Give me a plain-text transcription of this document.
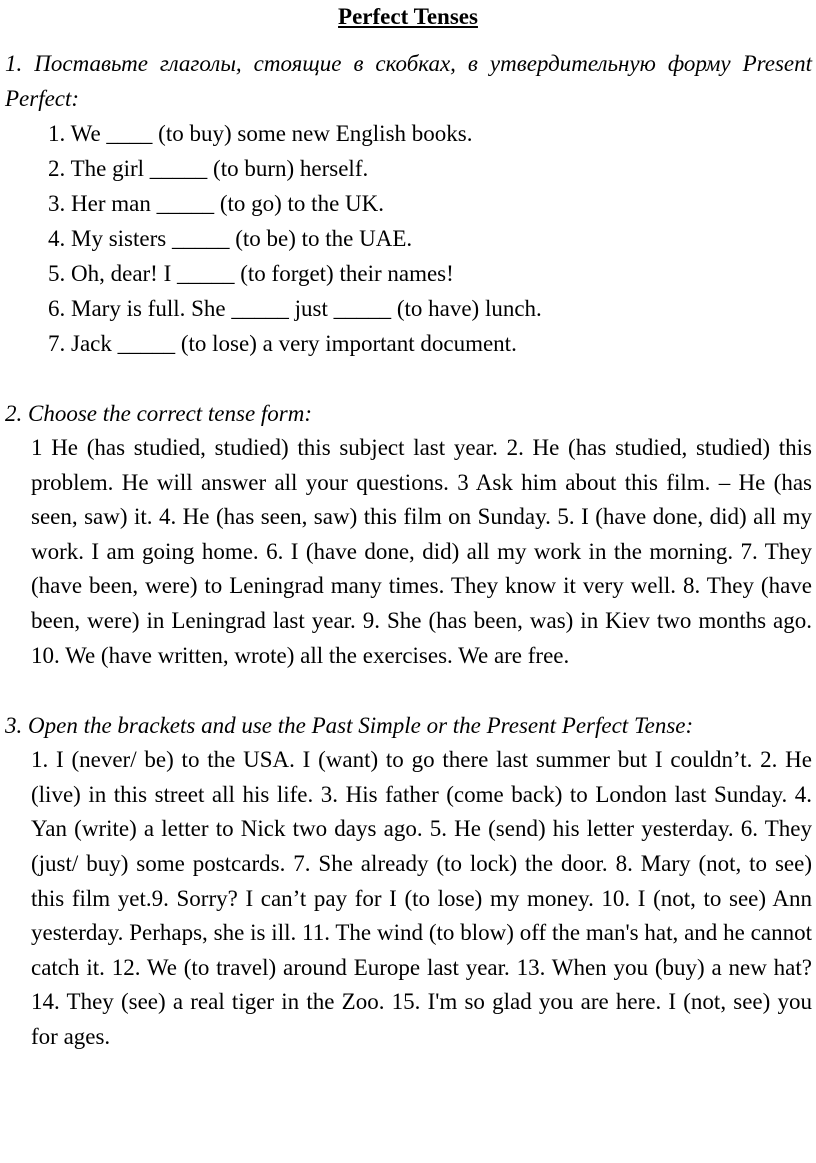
Perfect Tenses

1. Поставьте глаголы, стоящие в скобках, в утвердительную форму Present Perfect:

1. We ____ (to buy) some new English books.
2. The girl _____ (to burn) herself.
3. Her man _____ (to go) to the UK.
4. My sisters _____ (to be) to the UAE.
5. Oh, dear! I _____ (to forget) their names!
6. Mary is full. She _____ just _____ (to have) lunch.
7. Jack _____ (to lose) a very important document.

2. Choose the correct tense form:

1 He (has studied, studied) this subject last year. 2. He (has studied, studied) this problem. He will answer all your questions. 3 Ask him about this film. – He (has seen, saw) it. 4. He (has seen, saw) this film on Sunday. 5. I (have done, did) all my work. I am going home. 6. I (have done, did) all my work in the morning. 7. They (have been, were) to Leningrad many times. They know it very well. 8. They (have been, were) in Leningrad last year. 9. She (has been, was) in Kiev two months ago. 10. We (have written, wrote) all the exercises. We are free.

3. Open the brackets and use the Past Simple or the Present Perfect Tense:

1. I (never/ be) to the USA. I (want) to go there last summer but I couldn’t. 2. He (live) in this street all his life. 3. His father (come back) to London last Sunday. 4. Yan (write) a letter to Nick two days ago. 5. He (send) his letter yesterday. 6. They (just/ buy) some postcards. 7. She already (to lock) the door. 8. Mary (not, to see) this film yet.9. Sorry? I can’t pay for I (to lose) my money. 10. I (not, to see) Ann yesterday. Perhaps, she is ill. 11. The wind (to blow) off the man's hat, and he cannot catch it. 12. We (to travel) around Europe last year. 13. When you (buy) a new hat? 14. They (see) a real tiger in the Zoo. 15. I'm so glad you are here. I (not, see) you for ages.
